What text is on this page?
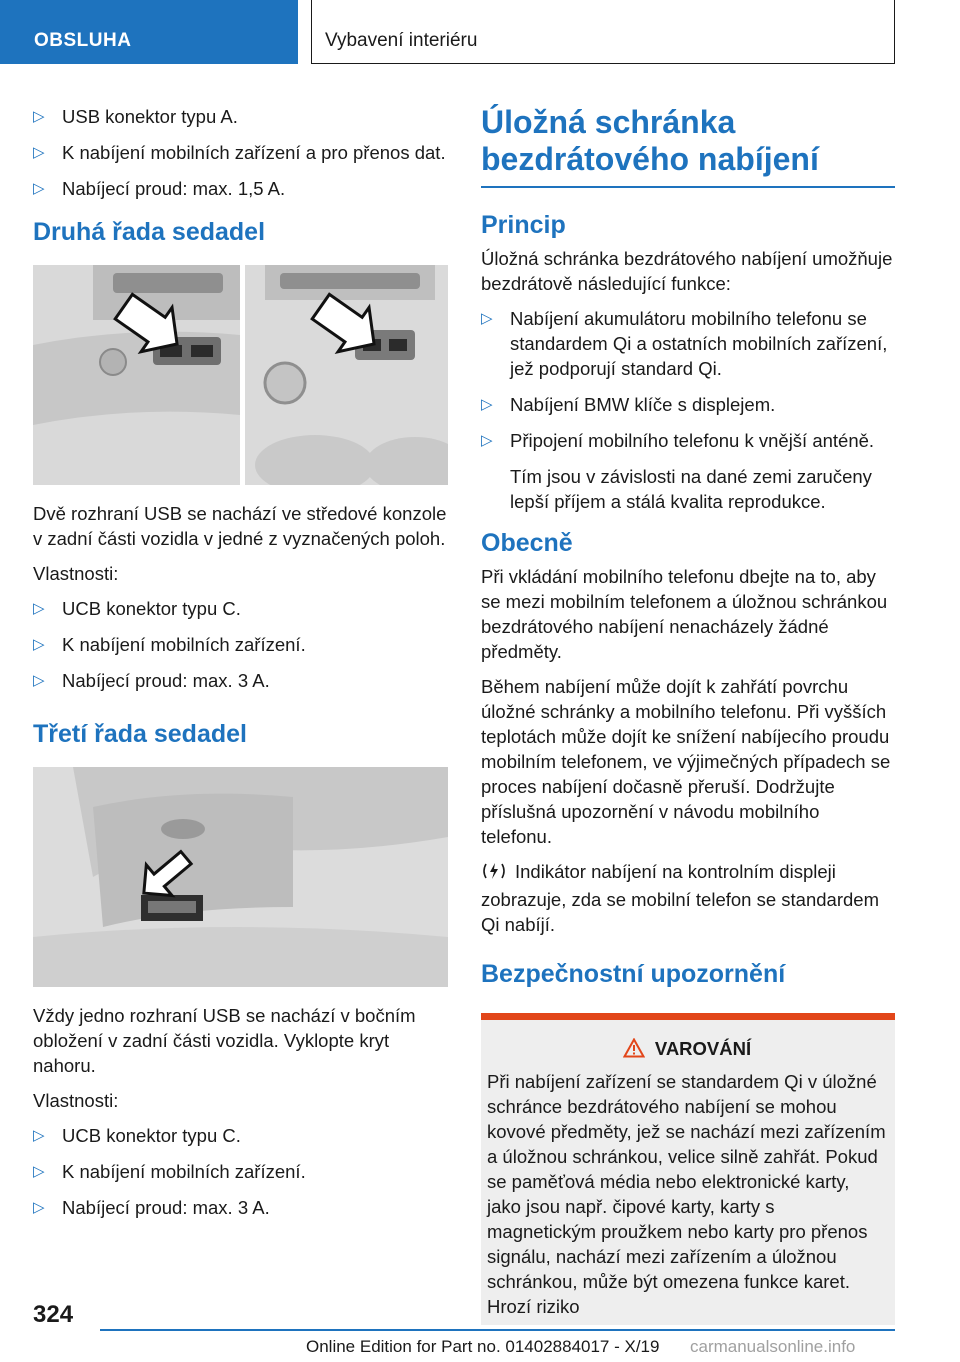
OBSLUHA	Vybavení interiéru
▷ USB konektor typu A.
▷ K nabíjení mobilních zařízení a pro přenos dat.
▷ Nabíjecí proud: max. 1,5 A.
Druhá řada sedadel

Dvě rozhraní USB se nachází ve středové konzole v zadní části vozidla v jedné z vyznačených poloh.

Vlastnosti:

▷ UCB konektor typu C.
▷ K nabíjení mobilních zařízení.
▷ Nabíjecí proud: max. 3 A.
Třetí řada sedadel

Vždy jedno rozhraní USB se nachází v bočním obložení v zadní části vozidla. Vyklopte kryt nahoru.

Vlastnosti:

▷ UCB konektor typu C.
▷ K nabíjení mobilních zařízení.
▷ Nabíjecí proud: max. 3 A.
Úložná schránka bezdrátového nabíjení
Princip

Úložná schránka bezdrátového nabíjení umožňuje bezdrátově následující funkce:

▷ Nabíjení akumulátoru mobilního telefonu se standardem Qi a ostatních mobilních zařízení, jež podporují standard Qi.
▷ Nabíjení BMW klíče s displejem.
▷ Připojení mobilního telefonu k vnější anténě.

Tím jsou v závislosti na dané zemi zaručeny lepší příjem a stálá kvalita reprodukce.

Obecně

Při vkládání mobilního telefonu dbejte na to, aby se mezi mobilním telefonem a úložnou schránkou bezdrátového nabíjení nenacházely žádné předměty.

Během nabíjení může dojít k zahřátí povrchu úložné schránky a mobilního telefonu. Při vyšších teplotách může dojít ke snížení nabíjecího proudu mobilním telefonem, ve výjimečných případech se proces nabíjení dočasně přeruší. Dodržujte příslušná upozornění v návodu mobilního telefonu.

Indikátor nabíjení na kontrolním displeji zobrazuje, zda se mobilní telefon se standardem Qi nabíjí.

Bezpečnostní upozornění
VAROVÁNÍ
Při nabíjení zařízení se standardem Qi v úložné schránce bezdrátového nabíjení se mohou kovové předměty, jež se nachází mezi zařízením a úložnou schránkou, velice silně zahřát. Pokud se paměťová média nebo elektronické karty, jako jsou např. čipové karty, karty s magnetickým proužkem nebo karty pro přenos signálu, nachází mezi zařízením a úložnou schránkou, může být omezena funkce karet. Hrozí riziko
324
Online Edition for Part no. 01402884017 - X/19 carmanualsonline.info
